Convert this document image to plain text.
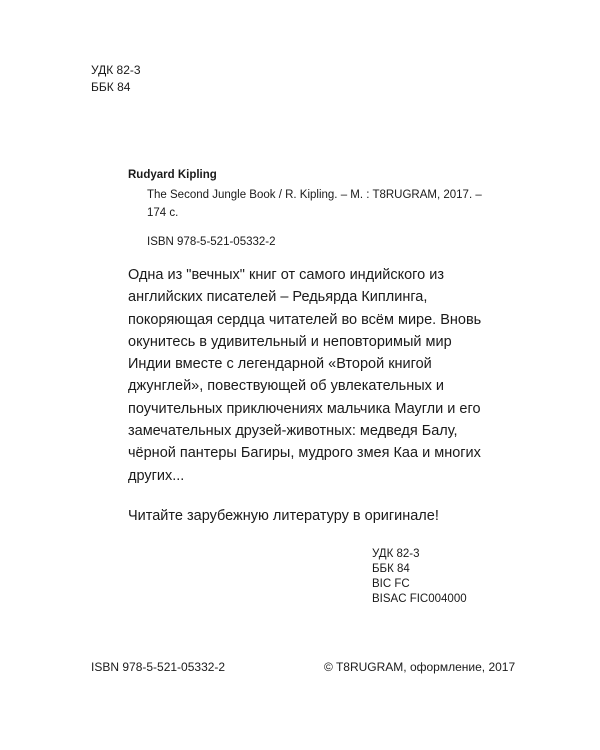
УДК 82-3
ББК 84
Rudyard Kipling
The Second Jungle Book / R. Kipling. – M. : T8RUGRAM, 2017. –
174 с.
ISBN 978-5-521-05332-2

Одна из "вечных" книг от самого индийского из английских писателей – Редьярда Киплинга, покоряющая сердца читателей во всём мире. Вновь окунитесь в удивительный и неповторимый мир Индии вместе с легендарной «Второй книгой джунглей», повествующей об увлекательных и поучительных приключениях мальчика Маугли и его замечательных друзей-животных: медведя Балу, чёрной пантеры Багиры, мудрого змея Каа и многих других...

Читайте зарубежную литературу в оригинале!
УДК 82-3
ББК 84
BIC FC
BISAC FIC004000
ISBN 978-5-521-05332-2	© T8RUGRAM, оформление, 2017
